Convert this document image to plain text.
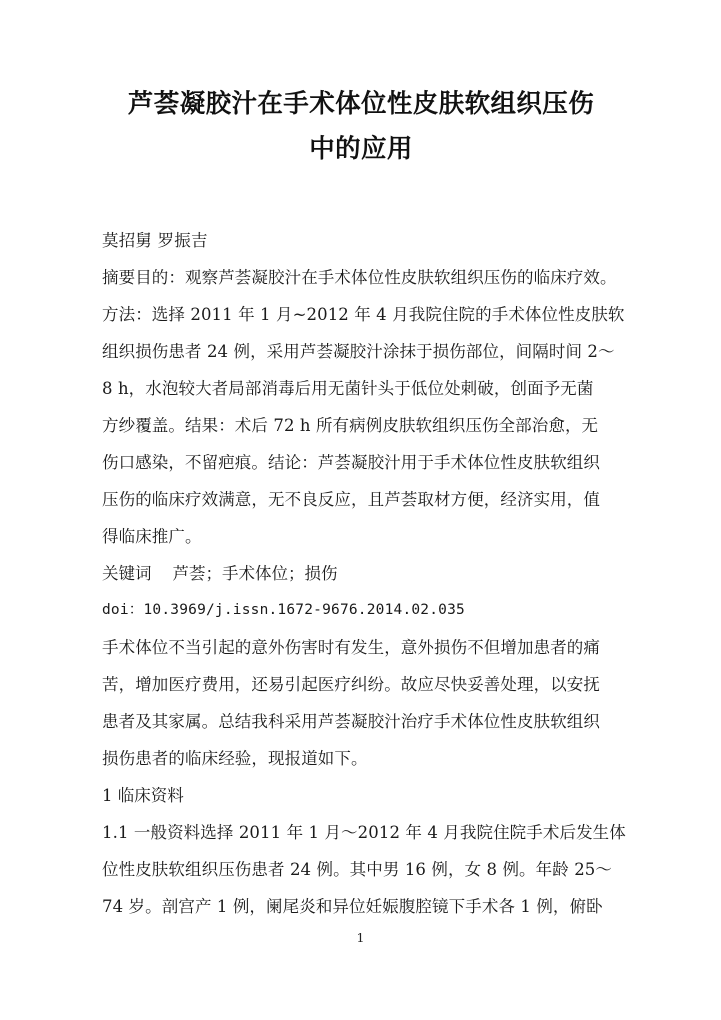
芦荟凝胶汁在手术体位性皮肤软组织压伤
中的应用

莫招舅 罗振吉

摘要目的：观察芦荟凝胶汁在手术体位性皮肤软组织压伤的临床疗效。
方法：选择 2011 年 1 月~2012 年 4 月我院住院的手术体位性皮肤软
组织损伤患者 24 例，采用芦荟凝胶汁涂抹于损伤部位，间隔时间 2～
8 h，水泡较大者局部消毒后用无菌针头于低位处刺破，创面予无菌
方纱覆盖。结果：术后 72 h 所有病例皮肤软组织压伤全部治愈，无
伤口感染，不留疤痕。结论：芦荟凝胶汁用于手术体位性皮肤软组织
压伤的临床疗效满意，无不良反应，且芦荟取材方便，经济实用，值
得临床推广。

关键词    芦荟；手术体位；损伤

doi：10.3969/j.issn.1672-9676.2014.02.035

手术体位不当引起的意外伤害时有发生，意外损伤不但增加患者的痛
苦，增加医疗费用，还易引起医疗纠纷。故应尽快妥善处理，以安抚
患者及其家属。总结我科采用芦荟凝胶汁治疗手术体位性皮肤软组织
损伤患者的临床经验，现报道如下。

1 临床资料

1.1 一般资料选择 2011 年 1 月～2012 年 4 月我院住院手术后发生体
位性皮肤软组织压伤患者 24 例。其中男 16 例，女 8 例。年龄 25～
74 岁。剖宫产 1 例，阑尾炎和异位妊娠腹腔镜下手术各 1 例，俯卧
1
